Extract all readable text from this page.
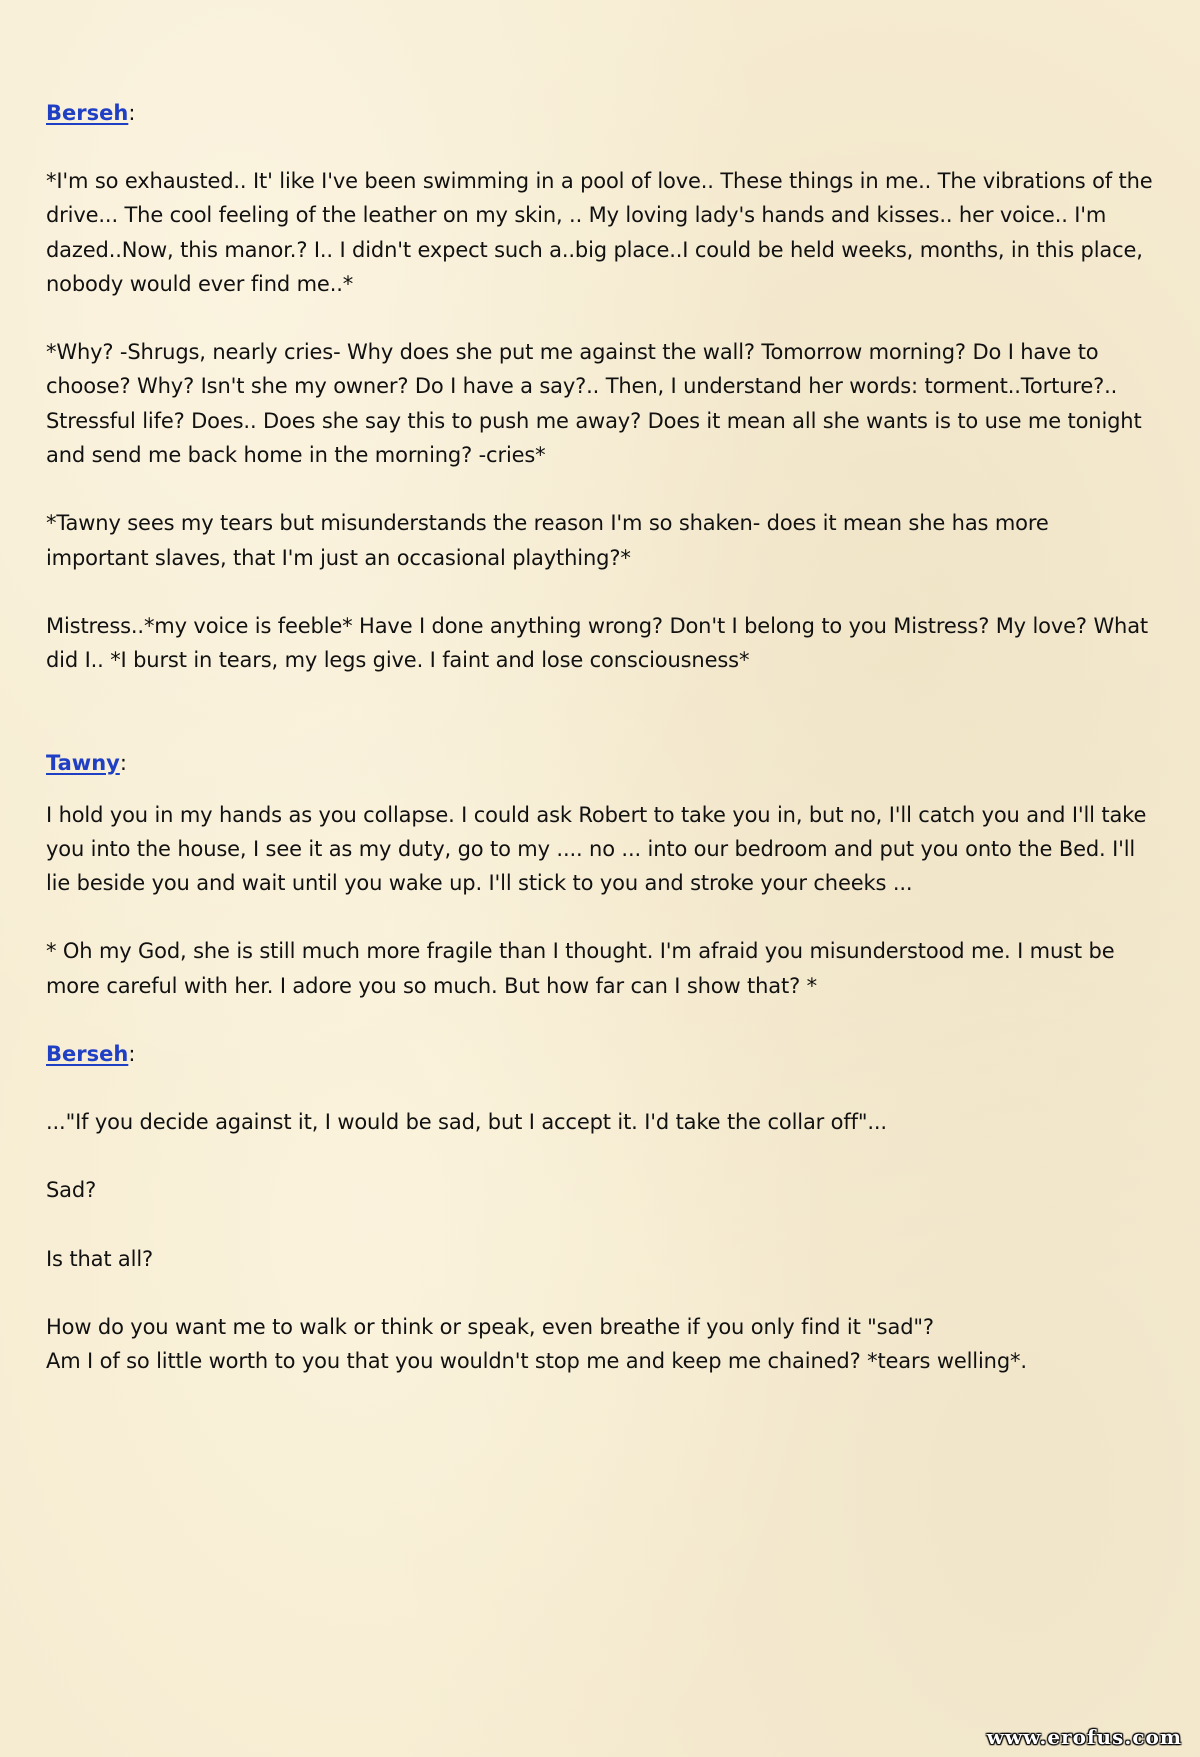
Berseh:

*I'm so exhausted.. It' like I've been swimming in a pool of love.. These things in me.. The vibrations of the drive... The cool feeling of the leather on my skin, .. My loving lady's hands and kisses.. her voice.. I'm dazed..Now, this manor.? I.. I didn't expect such a..big place..I could be held weeks, months, in this place, nobody would ever find me..*

*Why? -Shrugs, nearly cries- Why does she put me against the wall? Tomorrow morning? Do I have to choose? Why? Isn't she my owner? Do I have a say?.. Then, I understand her words: torment..Torture?.. Stressful life? Does.. Does she say this to push me away? Does it mean all she wants is to use me tonight and send me back home in the morning? -cries*

*Tawny sees my tears but misunderstands the reason I'm so shaken- does it mean she has more important slaves, that I'm just an occasional plaything?*

Mistress..*my voice is feeble* Have I done anything wrong? Don't I belong to you Mistress? My love? What did I.. *I burst in tears, my legs give. I faint and lose consciousness*

Tawny:

I hold you in my hands as you collapse. I could ask Robert to take you in, but no, I'll catch you and I'll take you into the house, I see it as my duty, go to my .... no ... into our bedroom and put you onto the Bed. I'll lie beside you and wait until you wake up. I'll stick to you and stroke your cheeks ...

* Oh my God, she is still much more fragile than I thought. I'm afraid you misunderstood me. I must be more careful with her. I adore you so much. But how far can I show that? *

Berseh:

..."If you decide against it, I would be sad, but I accept it. I'd take the collar off"...

Sad?

Is that all?

How do you want me to walk or think or speak, even breathe if you only find it "sad"?
Am I of so little worth to you that you wouldn't stop me and keep me chained? *tears welling*.

www.erofus.com
